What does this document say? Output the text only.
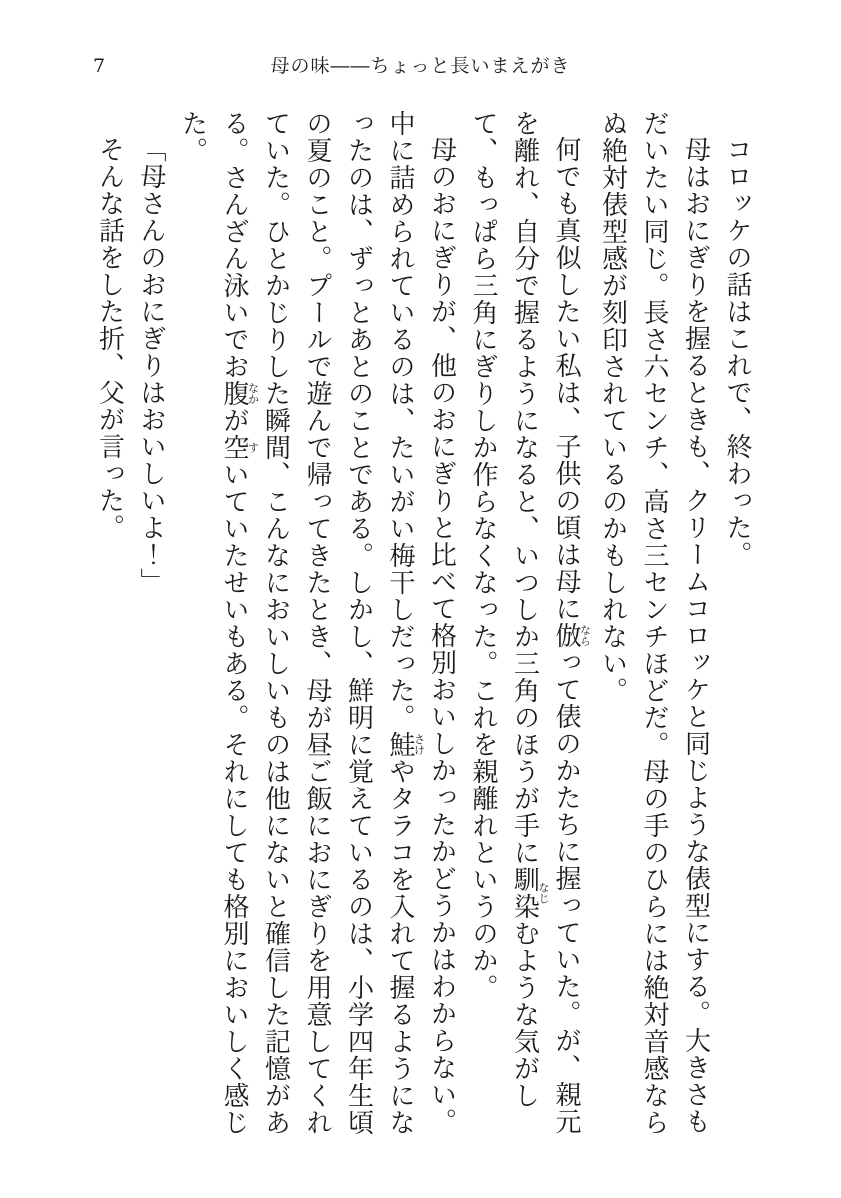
7	母の味――ちょっと長いまえがき

コロッケの話はこれで、終わった。

母はおにぎりを握るときも、クリームコロッケと同じような俵型にする。大きさもだいたい同じ。長さ六センチ、高さ三センチほどだ。母の手のひらには絶対音感ならぬ絶対俵型感が刻印されているのかもしれない。

何でも真似したい私は、子供の頃は母に倣ならって俵のかたちに握っていた。が、親元を離れ、自分で握るようになると、いつしか三角のほうが手に馴染なじむような気がして、もっぱら三角にぎりしか作らなくなった。これを親離れというのか。

母のおにぎりが、他のおにぎりと比べて格別おいしかったかどうかはわからない。中に詰められているのは、たいがい梅干しだった。鮭さけやタラコを入れて握るようになったのは、ずっとあとのことである。しかし、鮮明に覚えているのは、小学四年生頃の夏のこと。プールで遊んで帰ってきたとき、母が昼ご飯におにぎりを用意してくれていた。ひとかじりした瞬間、こんなにおいしいものは他にないと確信した記憶がある。さんざん泳いでお腹なかが空すいていたせいもある。それにしても格別においしく感じた。

「母さんのおにぎりはおいしいよ！」

そんな話をした折、父が言った。
